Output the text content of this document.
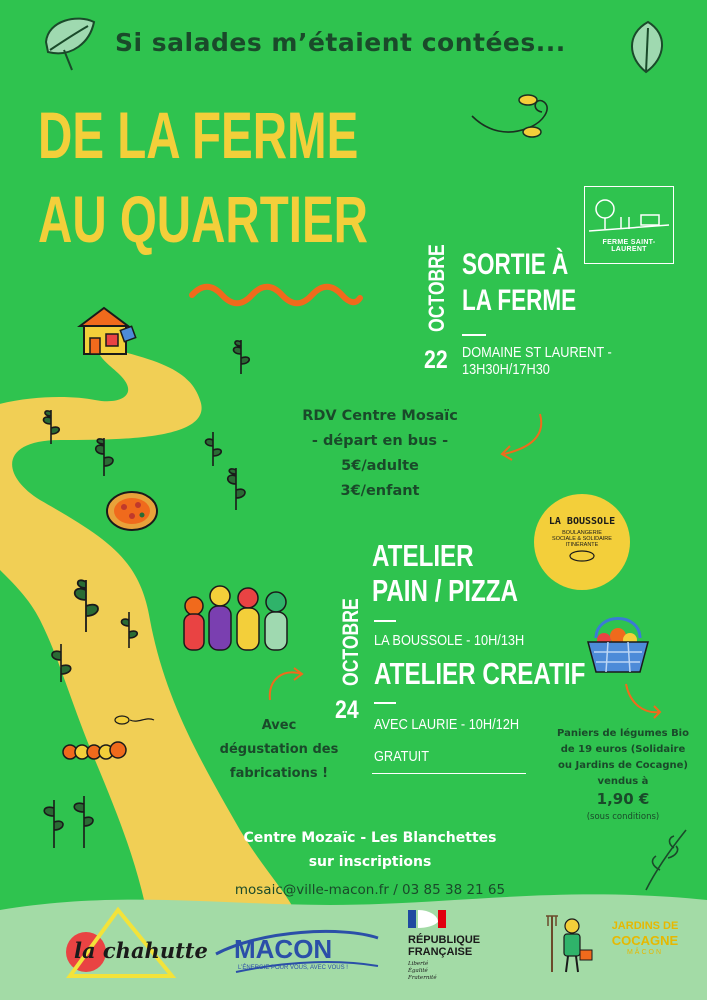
Si salades m’étaient contées...
DE LA FERME
AU QUARTIER	FERME SAINT-LAURENT
OCTOBRE
22
SORTIE À
LA FERME
DOMAINE ST LAURENT -
13H30H/17H30
RDV Centre Mosaïc
- départ en bus -
5€/adulte
3€/enfant
LA BOUSSOLE
BOULANGERIE
SOCIALE & SOLIDAIRE
ITINÉRANTE
OCTOBRE
24
ATELIER
PAIN / PIZZA
LA BOUSSOLE - 10H/13H
ATELIER CREATIF
AVEC LAURIE - 10H/12H
GRATUIT
Avec
dégustation des
fabrications !
Paniers de légumes Bio
de 19 euros (Solidaire
ou Jardins de Cocagne)
vendus à
1,90 €
(sous conditions)
Centre Mozaïc - Les Blanchettes
sur inscriptions
mosaic@ville-macon.fr / 03 85 38 21 65
la chahutte MACON
L’ÉNERGIE POUR VOUS, AVEC VOUS !
RÉPUBLIQUE
FRANÇAISE
Liberté
Égalité
Fraternité
JARDINS DE
COCAGNE
MÂCON
